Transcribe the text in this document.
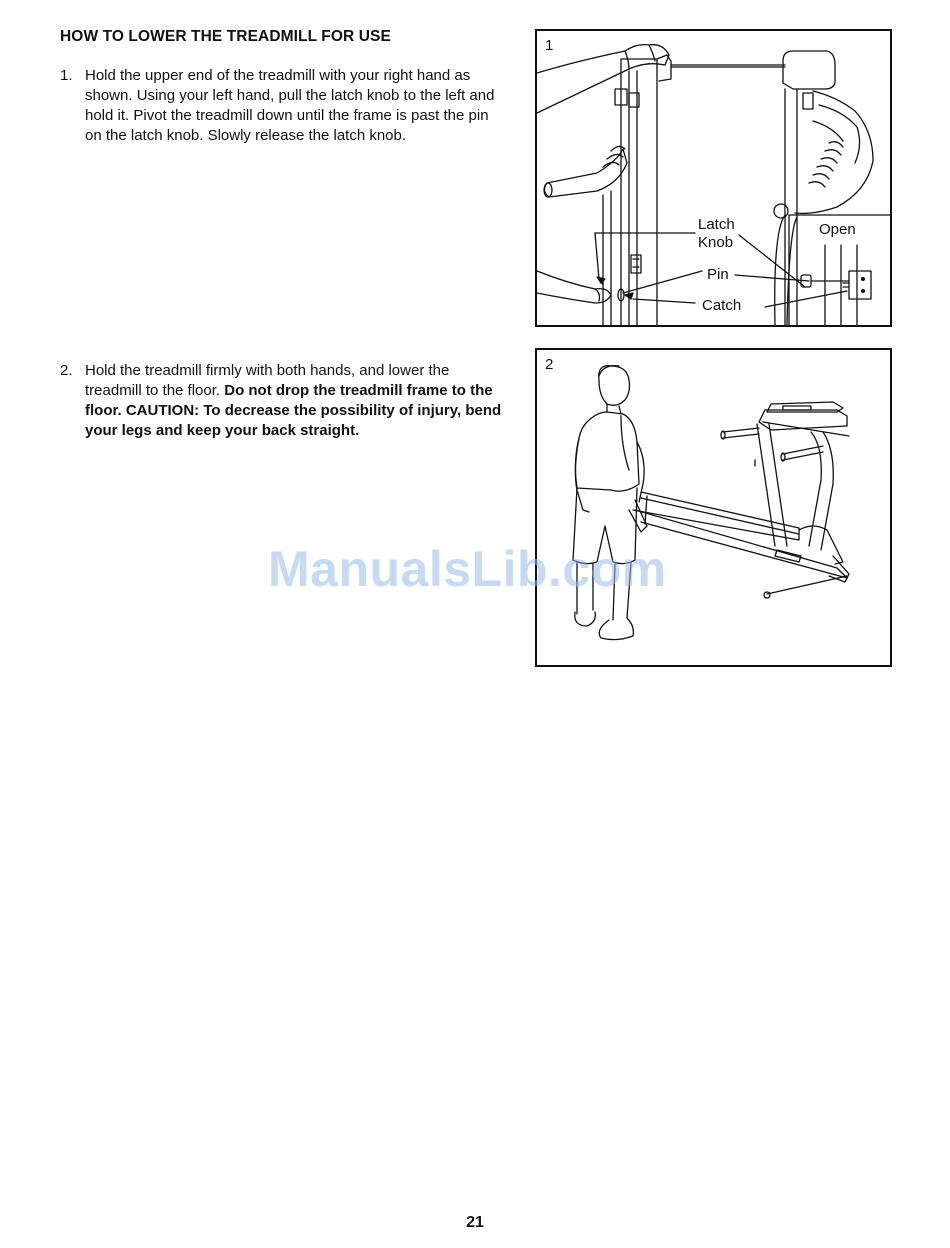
HOW TO LOWER THE TREADMILL FOR USE
1. Hold the upper end of the treadmill with your right hand as shown. Using your left hand, pull the latch knob to the left and hold it. Pivot the treadmill down until the frame is past the pin on the latch knob. Slowly release the latch knob.
2. Hold the treadmill firmly with both hands, and lower the treadmill to the floor. Do not drop the treadmill frame to the floor. CAUTION: To decrease the possibility of injury, bend your legs and keep your back straight.
1
Latch
Knob
Pin
Catch
Open
2
ManualsLib.com
21
